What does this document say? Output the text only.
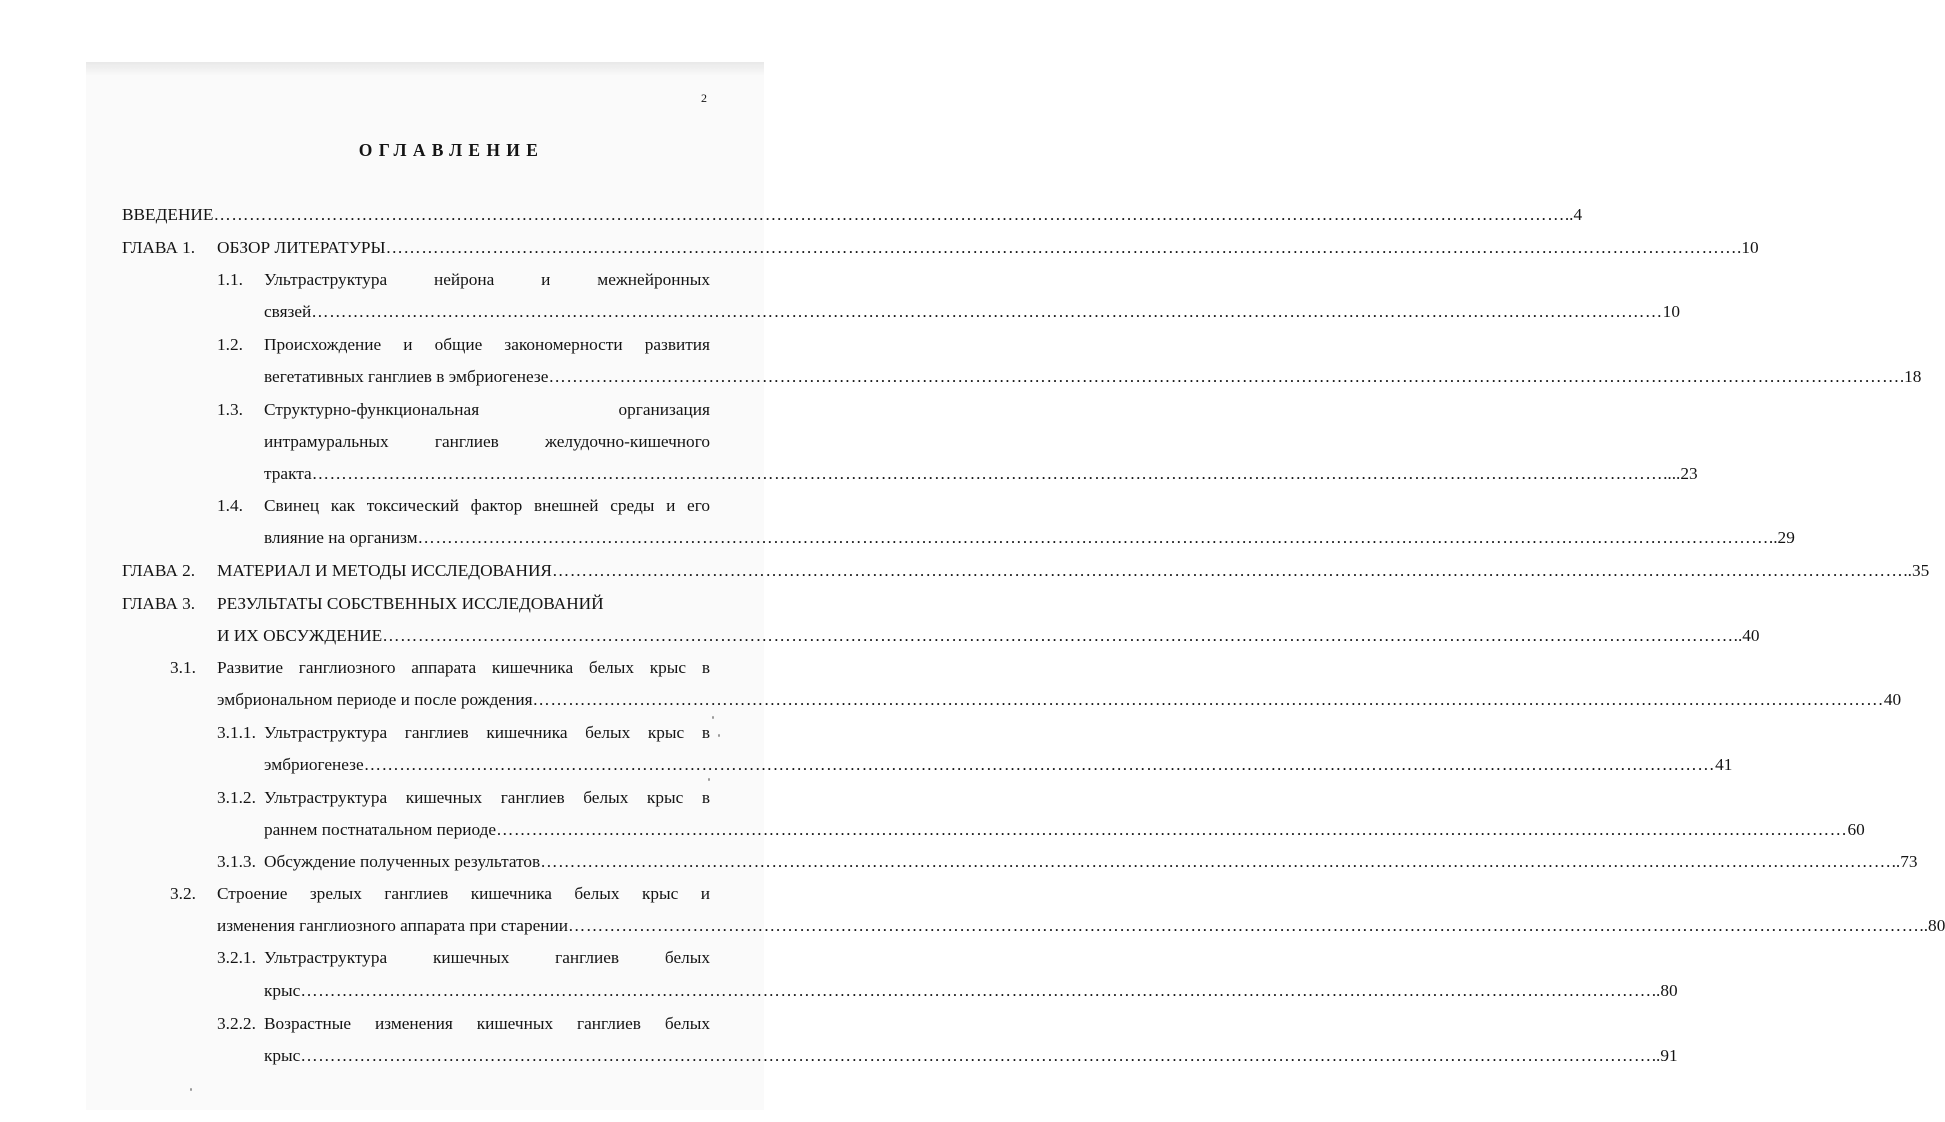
2
ОГЛАВЛЕНИЕ
ВВЕДЕНИЕ ………………………………………………………………………………………………………………………………………………………………………………………………………… ..4
ГЛАВА 1. ОБЗОР ЛИТЕРАТУРЫ ………………………………………………………………………………………………………………………………………………………………………………………………………… .10
1.1. Ультраструктура нейрона и межнейронных
связей ………………………………………………………………………………………………………………………………………………………………………………………………………… 10
1.2. Происхождение и общие закономерности развития
вегетативных ганглиев в эмбриогенезе ………………………………………………………………………………………………………………………………………………………………………………………………………… .18
1.3. Структурно-функциональная организация
интрамуральных ганглиев желудочно-кишечного
тракта ………………………………………………………………………………………………………………………………………………………………………………………………………… ....23
1.4. Свинец как токсический фактор внешней среды и его
влияние на организм ………………………………………………………………………………………………………………………………………………………………………………………………………… ..29
ГЛАВА 2. МАТЕРИАЛ И МЕТОДЫ ИССЛЕДОВАНИЯ ………………………………………………………………………………………………………………………………………………………………………………………………………… ..35
ГЛАВА 3. РЕЗУЛЬТАТЫ СОБСТВЕННЫХ ИССЛЕДОВАНИЙ
И ИХ ОБСУЖДЕНИЕ ………………………………………………………………………………………………………………………………………………………………………………………………………… ..40
3.1. Развитие ганглиозного аппарата кишечника белых крыс в
эмбриональном периоде и после рождения ………………………………………………………………………………………………………………………………………………………………………………………………………… 40
3.1.1. Ультраструктура ганглиев кишечника белых крыс в
эмбриогенезе ………………………………………………………………………………………………………………………………………………………………………………………………………… 41
3.1.2. Ультраструктура кишечных ганглиев белых крыс в
раннем постнатальном периоде ………………………………………………………………………………………………………………………………………………………………………………………………………… 60
3.1.3. Обсуждение полученных результатов ………………………………………………………………………………………………………………………………………………………………………………………………………… ..73
3.2. Строение зрелых ганглиев кишечника белых крыс и
изменения ганглиозного аппарата при старении ………………………………………………………………………………………………………………………………………………………………………………………………………… ..80
3.2.1. Ультраструктура кишечных ганглиев белых
крыс ………………………………………………………………………………………………………………………………………………………………………………………………………… ..80
3.2.2. Возрастные изменения кишечных ганглиев белых
крыс ………………………………………………………………………………………………………………………………………………………………………………………………………… ..91
